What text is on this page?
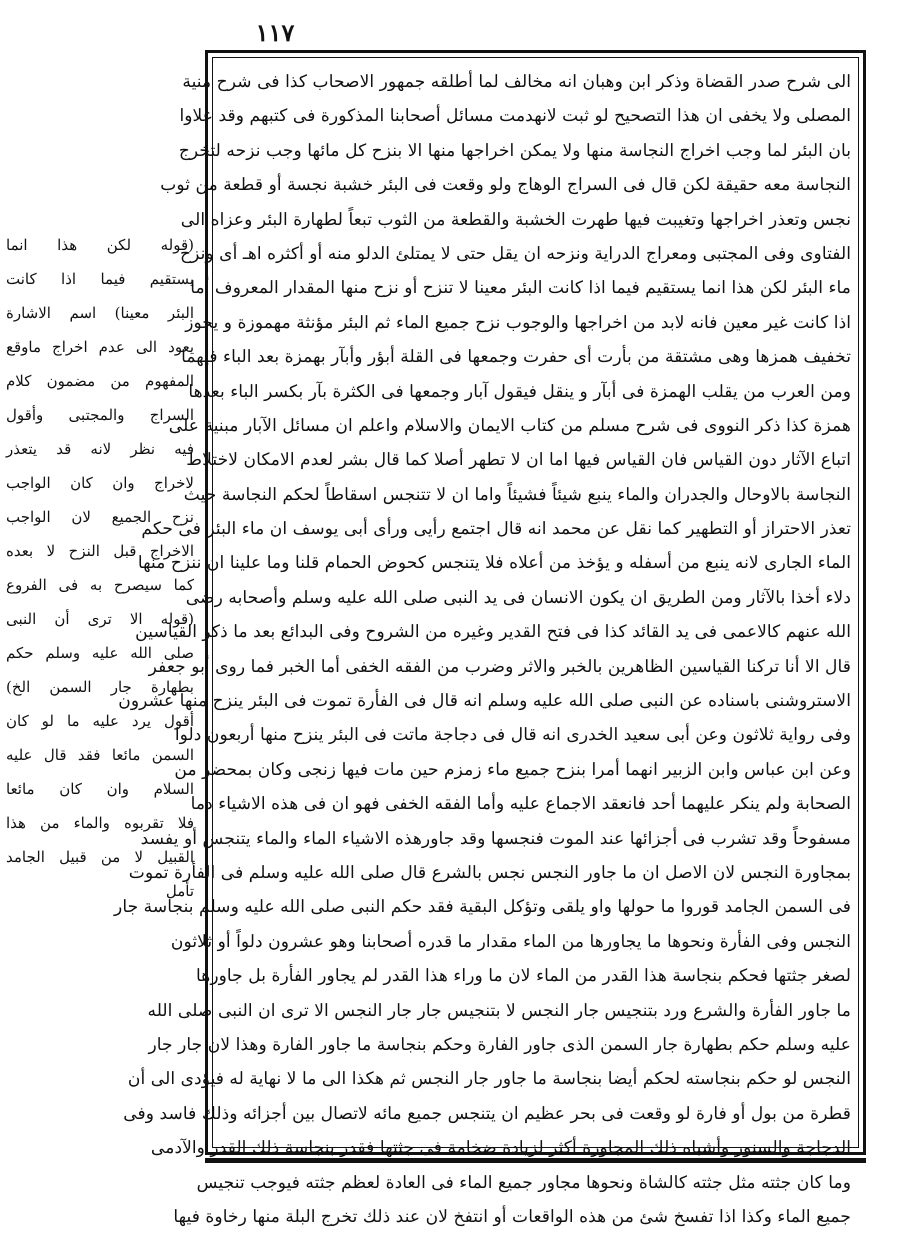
١١٧
الى شرح صدر القضاة وذكر ابن وهبان انه مخالف لما أطلقه جمهور الاصحاب كذا فى شرح منية
المصلى ولا يخفى ان هذا التصحيح لو ثبت لانهدمت مسائل أصحابنا المذكورة فى كتبهم وقد علاوا
بان البئر لما وجب اخراج النجاسة منها ولا يمكن اخراجها منها الا بنزح كل مائها وجب نزحه لتخرج
النجاسة معه حقيقة لكن قال فى السراج الوهاج ولو وقعت فى البئر خشبة نجسة أو قطعة من ثوب
نجس وتعذر اخراجها وتغيبت فيها طهرت الخشبة والقطعة من الثوب تبعاً لطهارة البئر وعزاه الى
الفتاوى وفى المجتبى ومعراج الدراية ونزحه ان يقل حتى لا يمتلئ الدلو منه أو أكثره اهـ أى ونزح
ماء البئر لكن هذا انما يستقيم فيما اذا كانت البئر معينا لا تنزح أو نزح منها المقدار المعروف أما
اذا كانت غير معين فانه لابد من اخراجها والوجوب نزح جميع الماء ثم البئر مؤنثة مهموزة و يجوز
تخفيف همزها وهى مشتقة من بأرت أى حفرت وجمعها فى القلة أبؤر وأبآر بهمزة بعد الباء فيهما
ومن العرب من يقلب الهمزة فى أبآر و ينقل فيقول آبار وجمعها فى الكثرة بآر بكسر الباء بعدها
همزة كذا ذكر النووى فى شرح مسلم من كتاب الايمان والاسلام واعلم ان مسائل الآبار مبنية على
اتباع الآثار دون القياس فان القياس فيها اما ان لا تطهر أصلا كما قال بشر لعدم الامكان لاختلاط
النجاسة بالاوحال والجدران والماء ينبع شيئاً فشيئاً واما ان لا تتنجس اسقاطاً لحكم النجاسة حيث
تعذر الاحتراز أو التطهير كما نقل عن محمد انه قال اجتمع رأيى ورأى أبى يوسف ان ماء البئر فى حكم
الماء الجارى لانه ينبع من أسفله و يؤخذ من أعلاه فلا يتنجس كحوض الحمام قلنا وما علينا ان ننزح منها
دلاء أخذا بالآثار ومن الطريق ان يكون الانسان فى يد النبى صلى الله عليه وسلم وأصحابه رضى
الله عنهم كالاعمى فى يد القائد كذا فى فتح القدير وغيره من الشروح وفى البدائع بعد ما ذكر القياسين
قال الا أنا تركنا القياسين الظاهرين بالخبر والاثر وضرب من الفقه الخفى أما الخبر فما روى أبو جعفر
الاستروشنى باسناده عن النبى صلى الله عليه وسلم انه قال فى الفأرة تموت فى البئر ينزح منها عشرون
وفى رواية ثلاثون وعن أبى سعيد الخدرى انه قال فى دجاجة ماتت فى البئر ينزح منها أربعون دلوا
وعن ابن عباس وابن الزبير انهما أمرا بنزح جميع ماء زمزم حين مات فيها زنجى وكان بمحضر من
الصحابة ولم ينكر عليهما أحد فانعقد الاجماع عليه وأما الفقه الخفى فهو ان فى هذه الاشياء دما
مسفوحاً وقد تشرب فى أجزائها عند الموت فنجسها وقد جاورهذه الاشياء الماء والماء يتنجس أو يفسد
بمجاورة النجس لان الاصل ان ما جاور النجس نجس بالشرع قال صلى الله عليه وسلم فى الفأرة تموت
فى السمن الجامد قوروا ما حولها واو يلقى وتؤكل البقية فقد حكم النبى صلى الله عليه وسلم بنجاسة جار
النجس وفى الفأرة ونحوها ما يجاورها من الماء مقدار ما قدره أصحابنا وهو عشرون دلواً أو ثلاثون
لصغر جثتها فحكم بنجاسة هذا القدر من الماء لان ما وراء هذا القدر لم يجاور الفأرة بل جاورها
ما جاور الفأرة والشرع ورد بتنجيس جار النجس لا بتنجيس جار جار النجس الا ترى ان النبى صلى الله
عليه وسلم حكم بطهارة جار السمن الذى جاور الفارة وحكم بنجاسة ما جاور الفارة وهذا لان جار جار
النجس لو حكم بنجاسته لحكم أيضا بنجاسة ما جاور جار النجس ثم هكذا الى ما لا نهاية له فيؤدى الى أن
قطرة من بول أو فارة لو وقعت فى بحر عظيم ان يتنجس جميع مائه لاتصال بين أجزائه وذلك فاسد وفى
الدجاجة والسنور وأشباه ذلك المجاورة أكثر لزيادة ضخامة فى جثتها فقدر بنجاسة ذلك القدر والآدمى
وما كان جثته مثل جثته كالشاة ونحوها مجاور جميع الماء فى العادة لعظم جثته فيوجب تنجيس
جميع الماء وكذا اذا تفسخ شئ من هذه الواقعات أو انتفخ لان عند ذلك تخرج البلة منها رخاوة فيها
(قوله لكن هذا انما
يستقيم فيما اذا كانت
البئر معينا) اسم الاشارة
يعود الى عدم اخراج ماوقع
المفهوم من مضمون كلام
السراج والمجتبى وأقول
فيه نظر لانه قد يتعذر
لاخراج وان كان الواجب
نزح الجميع لان الواجب
الاخراج قبل النزح لا بعده
كما سيصرح به فى الفروع
(قوله الا ترى أن النبى
صلى الله عليه وسلم حكم
بطهارة جار السمن الخ)
أقول يرد عليه ما لو كان
السمن مائعا فقد قال عليه
السلام وان كان مائعا
فلا تقربوه والماء من هذا
القبيل لا من قبيل الجامد
تأمل
